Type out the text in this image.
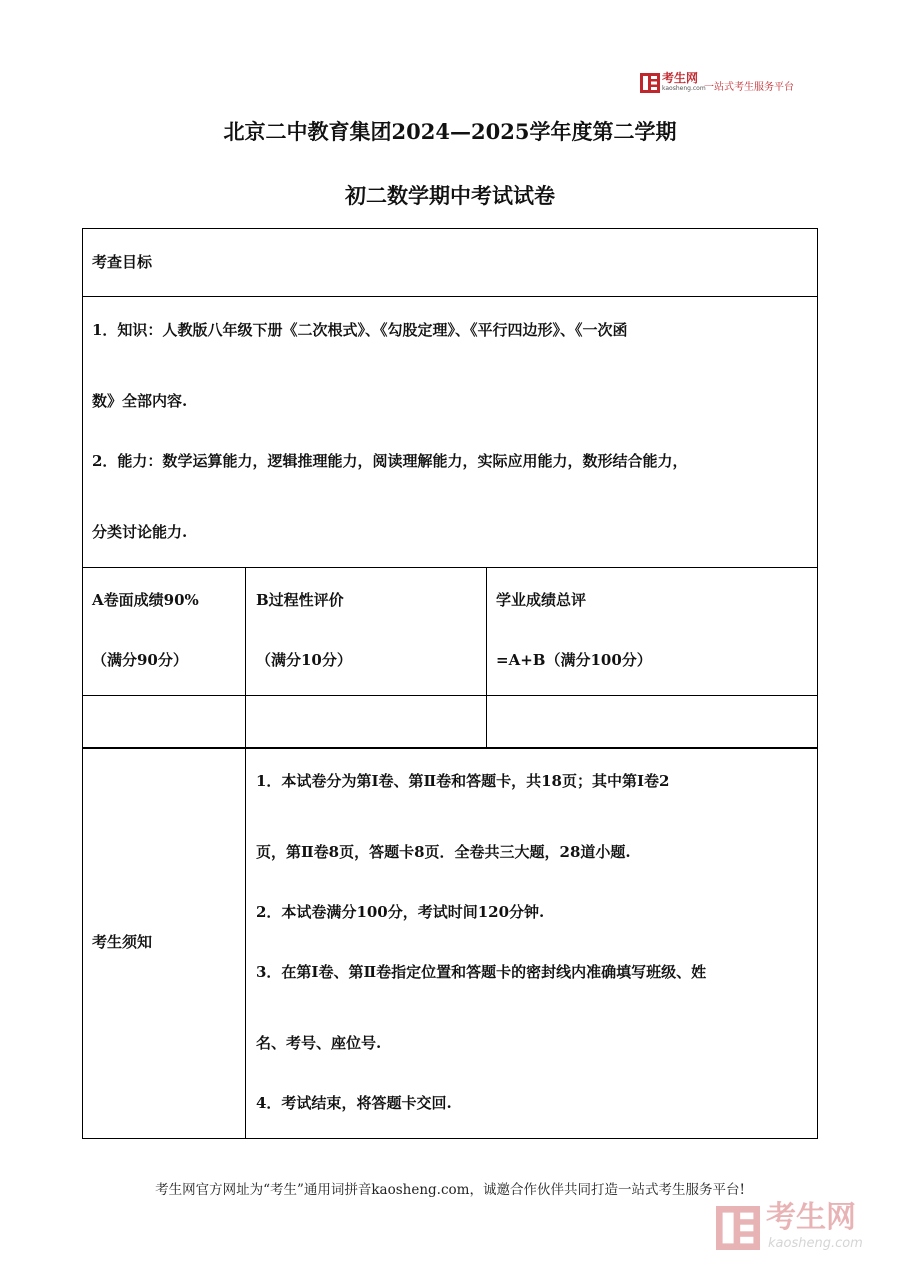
考生网
kaosheng.com
一站式考生服务平台
北京二中教育集团2024—2025学年度第二学期
初二数学期中考试试卷
考查目标
1．知识：人教版八年级下册《二次根式》、《勾股定理》、《平行四边形》、《一次函
数》全部内容.
2．能力：数学运算能力，逻辑推理能力，阅读理解能力，实际应用能力，数形结合能力，
分类讨论能力.
A卷面成绩90%
（满分90分）
B过程性评价
（满分10分）
学业成绩总评
=A+B（满分100分）
考生须知
1．本试卷分为第Ⅰ卷、第Ⅱ卷和答题卡，共18页；其中第Ⅰ卷2
页，第Ⅱ卷8页，答题卡8页．全卷共三大题，28道小题.
2．本试卷满分100分，考试时间120分钟.
3．在第Ⅰ卷、第Ⅱ卷指定位置和答题卡的密封线内准确填写班级、姓
名、考号、座位号.
4．考试结束，将答题卡交回.
考生网官方网址为“考生”通用词拼音kaosheng.com，诚邀合作伙伴共同打造一站式考生服务平台!
考生网
kaosheng.com
